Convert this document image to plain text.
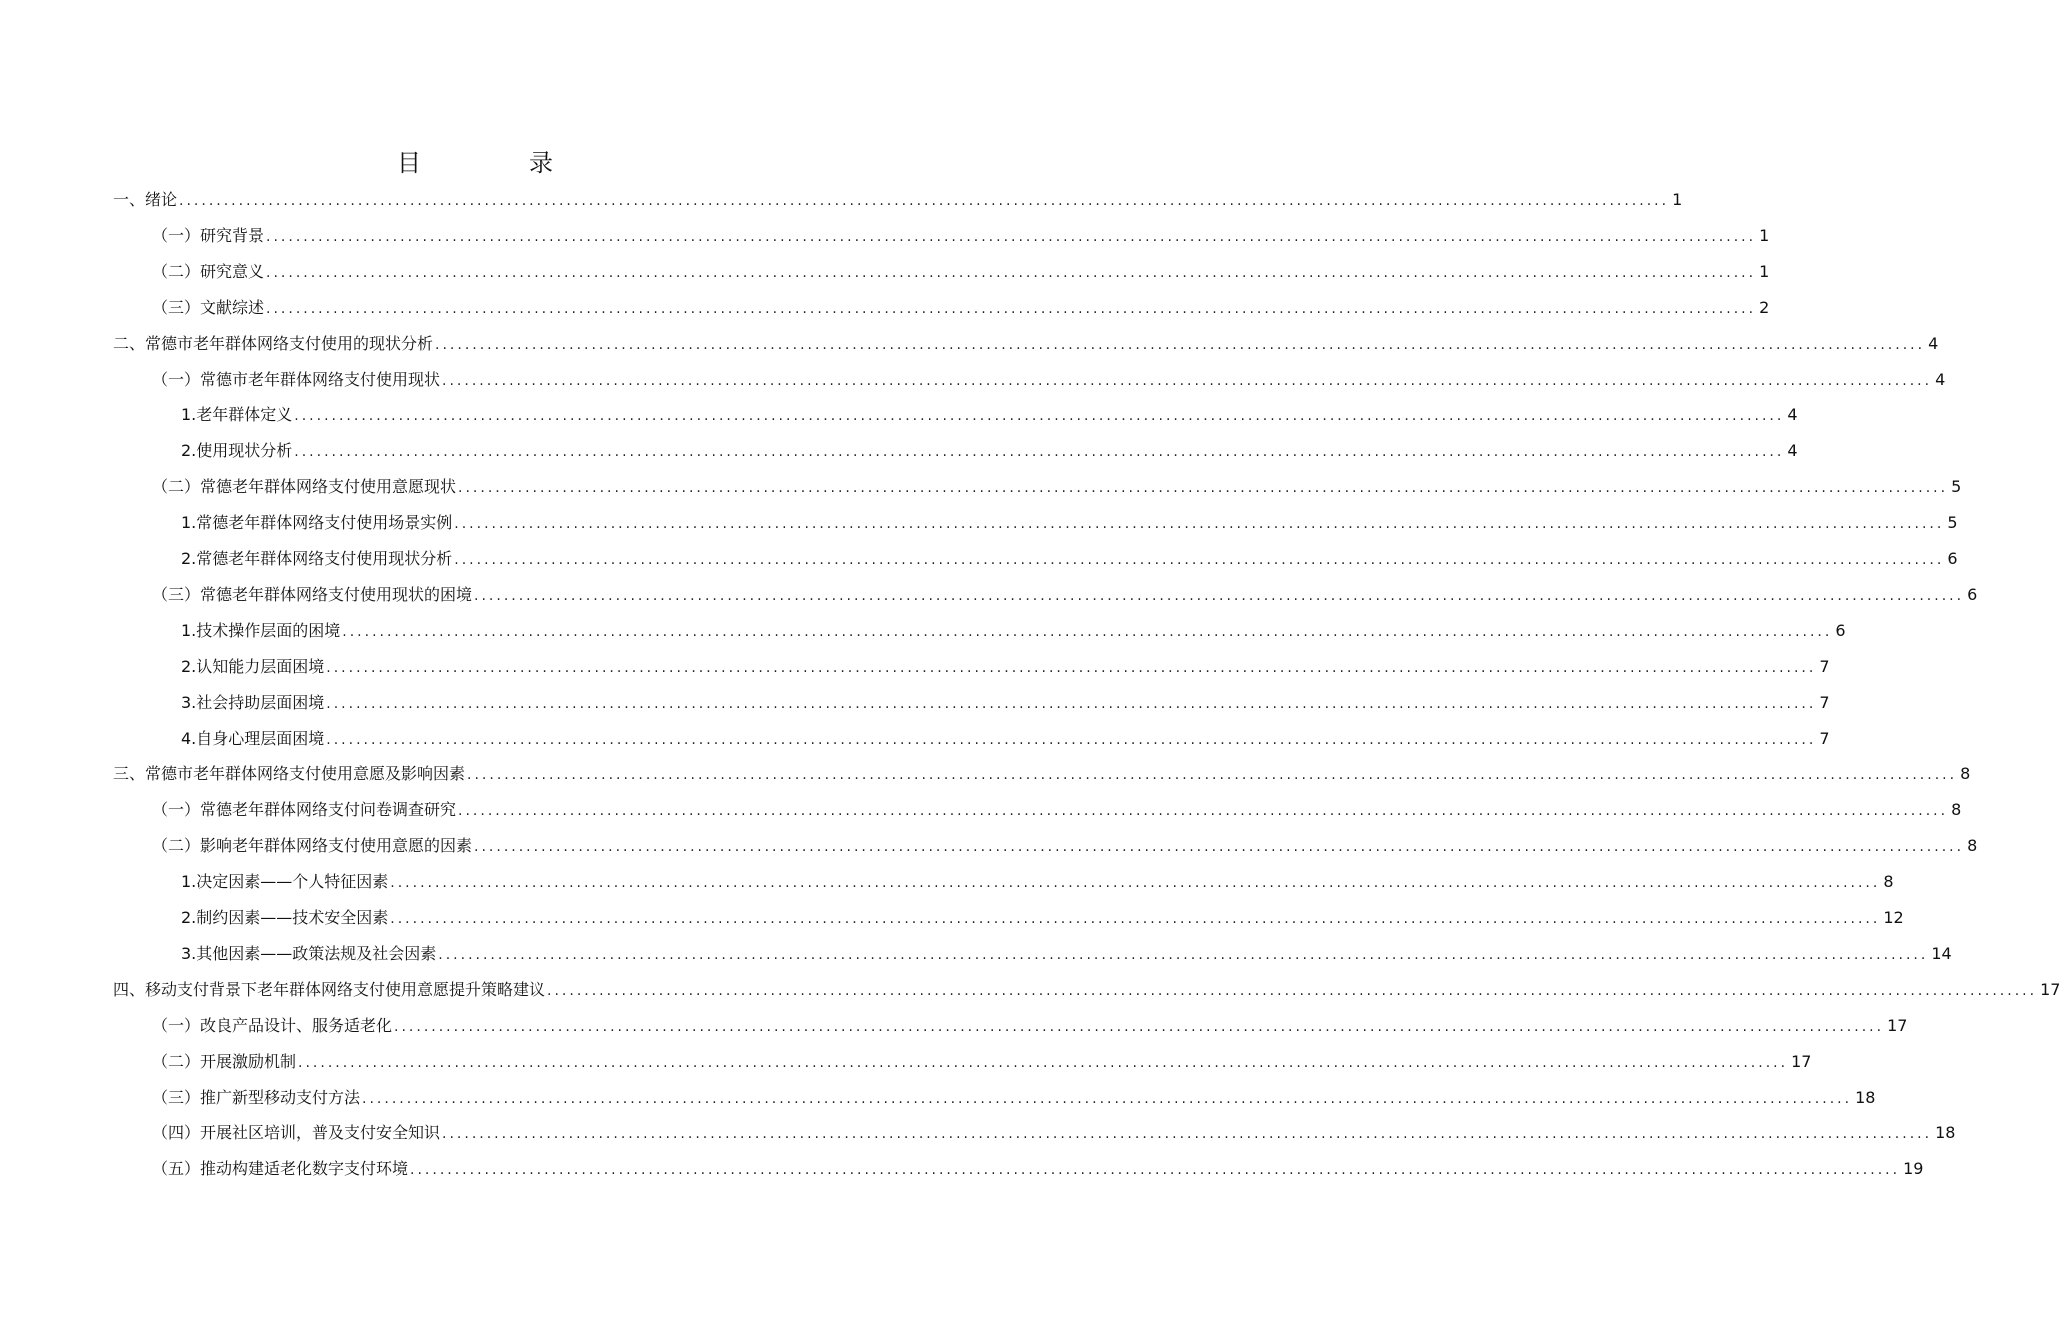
目　录
一、绪论 ........................................................................................................................................................................................................ 1
（一）研究背景 ........................................................................................................................................................................................................ 1
（二）研究意义 ........................................................................................................................................................................................................ 1
（三）文献综述 ........................................................................................................................................................................................................ 2
二、常德市老年群体网络支付使用的现状分析 ........................................................................................................................................................................................................ 4
（一）常德市老年群体网络支付使用现状 ........................................................................................................................................................................................................ 4
1.老年群体定义 ........................................................................................................................................................................................................ 4
2.使用现状分析 ........................................................................................................................................................................................................ 4
（二）常德老年群体网络支付使用意愿现状 ........................................................................................................................................................................................................ 5
1.常德老年群体网络支付使用场景实例 ........................................................................................................................................................................................................ 5
2.常德老年群体网络支付使用现状分析 ........................................................................................................................................................................................................ 6
（三）常德老年群体网络支付使用现状的困境 ........................................................................................................................................................................................................ 6
1.技术操作层面的困境 ........................................................................................................................................................................................................ 6
2.认知能力层面困境 ........................................................................................................................................................................................................ 7
3.社会持助层面困境 ........................................................................................................................................................................................................ 7
4.自身心理层面困境 ........................................................................................................................................................................................................ 7
三、常德市老年群体网络支付使用意愿及影响因素 ........................................................................................................................................................................................................ 8
（一）常德老年群体网络支付问卷调查研究 ........................................................................................................................................................................................................ 8
（二）影响老年群体网络支付使用意愿的因素 ........................................................................................................................................................................................................ 8
1.决定因素——个人特征因素 ........................................................................................................................................................................................................ 8
2.制约因素——技术安全因素 ........................................................................................................................................................................................................ 12
3.其他因素——政策法规及社会因素 ........................................................................................................................................................................................................ 14
四、移动支付背景下老年群体网络支付使用意愿提升策略建议 ........................................................................................................................................................................................................ 17
（一）改良产品设计、服务适老化 ........................................................................................................................................................................................................ 17
（二）开展激励机制 ........................................................................................................................................................................................................ 17
（三）推广新型移动支付方法 ........................................................................................................................................................................................................ 18
（四）开展社区培训，普及支付安全知识 ........................................................................................................................................................................................................ 18
（五）推动构建适老化数字支付环境 ........................................................................................................................................................................................................ 19
